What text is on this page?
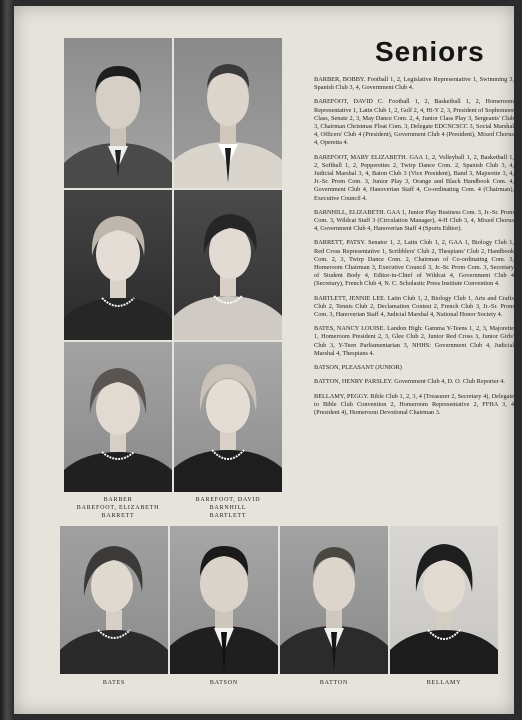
BARBER
BAREFOOT, ELIZABETH
BARRETT
BAREFOOT, DAVID
BARNHILL
BARTLETT
Seniors

BARBER, BOBBY. Football 1, 2, Legislative Representative 1, Swimming 3, Spanish Club 3, 4, Government Club 4.

BAREFOOT, DAVID C. Football 1, 2, Basketball 1, 2, Homeroom Representative 1, Latin Club 1, 2, Golf 2, 4, Hi-Y 2, 3, President of Sophomore Class, Senate 2, 3, May Dance Com. 2, 4, Junior Class Play 3, Sergeants' Club 3, Chairman Christmas Float Com. 3, Delegate EDCNCSCC 3, Social Marshal 4, Officers' Club 4 (President), Government Club 4 (President), Mixed Chorus 4, Operetta 4.

BAREFOOT, MARY ELIZABETH. GAA 1, 2, Volleyball 1, 2, Basketball 1, 2, Softball 1, 2, Pepperettes 2, Twirp Dance Com. 2, Spanish Club 3, 4, Judicial Marshal 3, 4, Baton Club 3 (Vice President), Band 3, Majorette 3, 4, Jr.-Sr. Prom Com. 3, Junior Play 3, Orange and Black Handbook Com. 4, Government Club 4, Hanoverian Staff 4, Co-ordinating Com. 4 (Chairman), Executive Council 4.

BARNHILL, ELIZABETH. GAA 1, Junior Play Business Com. 3, Jr.-Sr. Prom Com. 3, Wildcat Staff 3 (Circulation Manager), 4-H Club 3, 4, Mixed Chorus 4, Government Club 4, Hanoverian Staff 4 (Sports Editor).

BARRETT, PATSY. Senator 1, 2, Latin Club 1, 2, GAA 1, Biology Club 1, Red Cross Representative 1, Scribblers' Club 2, Thespians' Club 2, Handbook Com. 2, 3, Twirp Dance Com. 2, Chairman of Co-ordinating Com. 3, Homeroom Chairman 3, Executive Council 3, Jr.-Sr. Prom Com. 3, Secretary of Student Body 4, Editor-in-Chief of Wildcat 4, Government Club 4 (Secretary), French Club 4, N. C. Scholastic Press Institute Convention 4.

BARTLETT, JENNIE LEE. Latin Club 1, 2, Biology Club 1, Arts and Crafts Club 2, Tennis Club 2, Declamation Contest 2, French Club 3, Jr.-Sr. Prom Com. 3, Hanoverian Staff 4, Judicial Marshal 4, National Honor Society 4.

BATES, NANCY LOUISE. Landon High: Gamma Y-Teens 1, 2, 3, Majorette 1, Homeroom President 2, 3, Glee Club 2, Junior Red Cross 3, Junior Girls' Club 3, Y-Teen Parliamentarian 3, NHHS: Government Club 4, Judicial Marshal 4, Thespians 4.

BATSON, PLEASANT (JUNIOR)

BATTON, HENRY PARSLEY. Government Club 4, D. O. Club Reporter 4.

BELLAMY, PEGGY. Bible Club 1, 2, 3, 4 (Treasurer 2, Secretary 4), Delegate to Bible Club Convention 2, Homeroom Representative 2, FFHA 3, 4 (President 4), Homeroom Devotional Chairman 3.

BATES	BATSON	BATTON	BELLAMY
